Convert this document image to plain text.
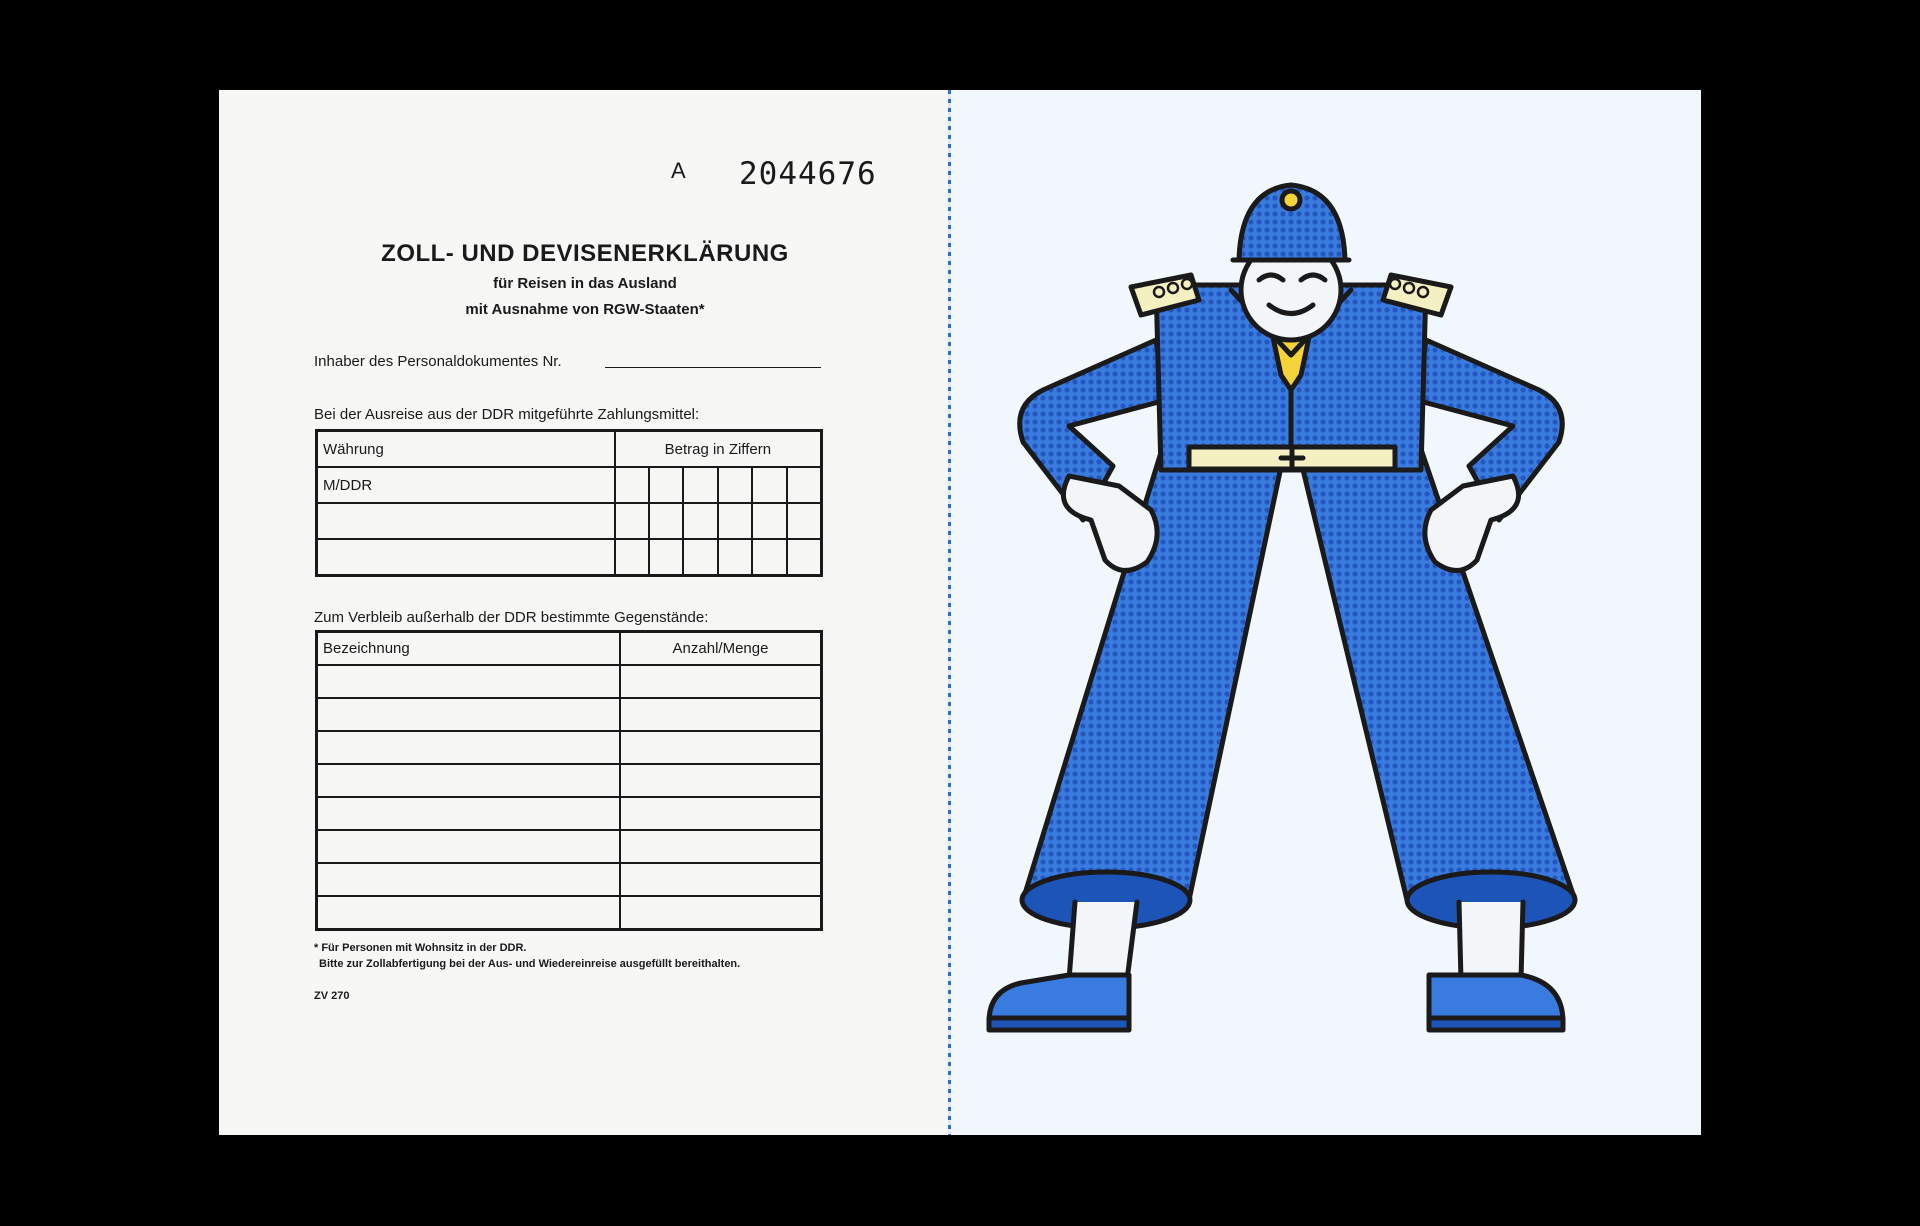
A 2044676
ZOLL- UND DEVISENERKLÄRUNG
für Reisen in das Ausland
mit Ausnahme von RGW-Staaten*
Inhaber des Personaldokumentes Nr.
Bei der Ausreise aus der DDR mitgeführte Zahlungsmittel:
Währung	Betrag in Ziffern					
M/DDR						

Zum Verbleib außerhalb der DDR bestimmte Gegenstände:
Bezeichnung	Anzahl/Menge

* Für Personen mit Wohnsitz in der DDR.
Bitte zur Zollabfertigung bei der Aus- und Wiedereinreise ausgefüllt bereithalten.
ZV 270
